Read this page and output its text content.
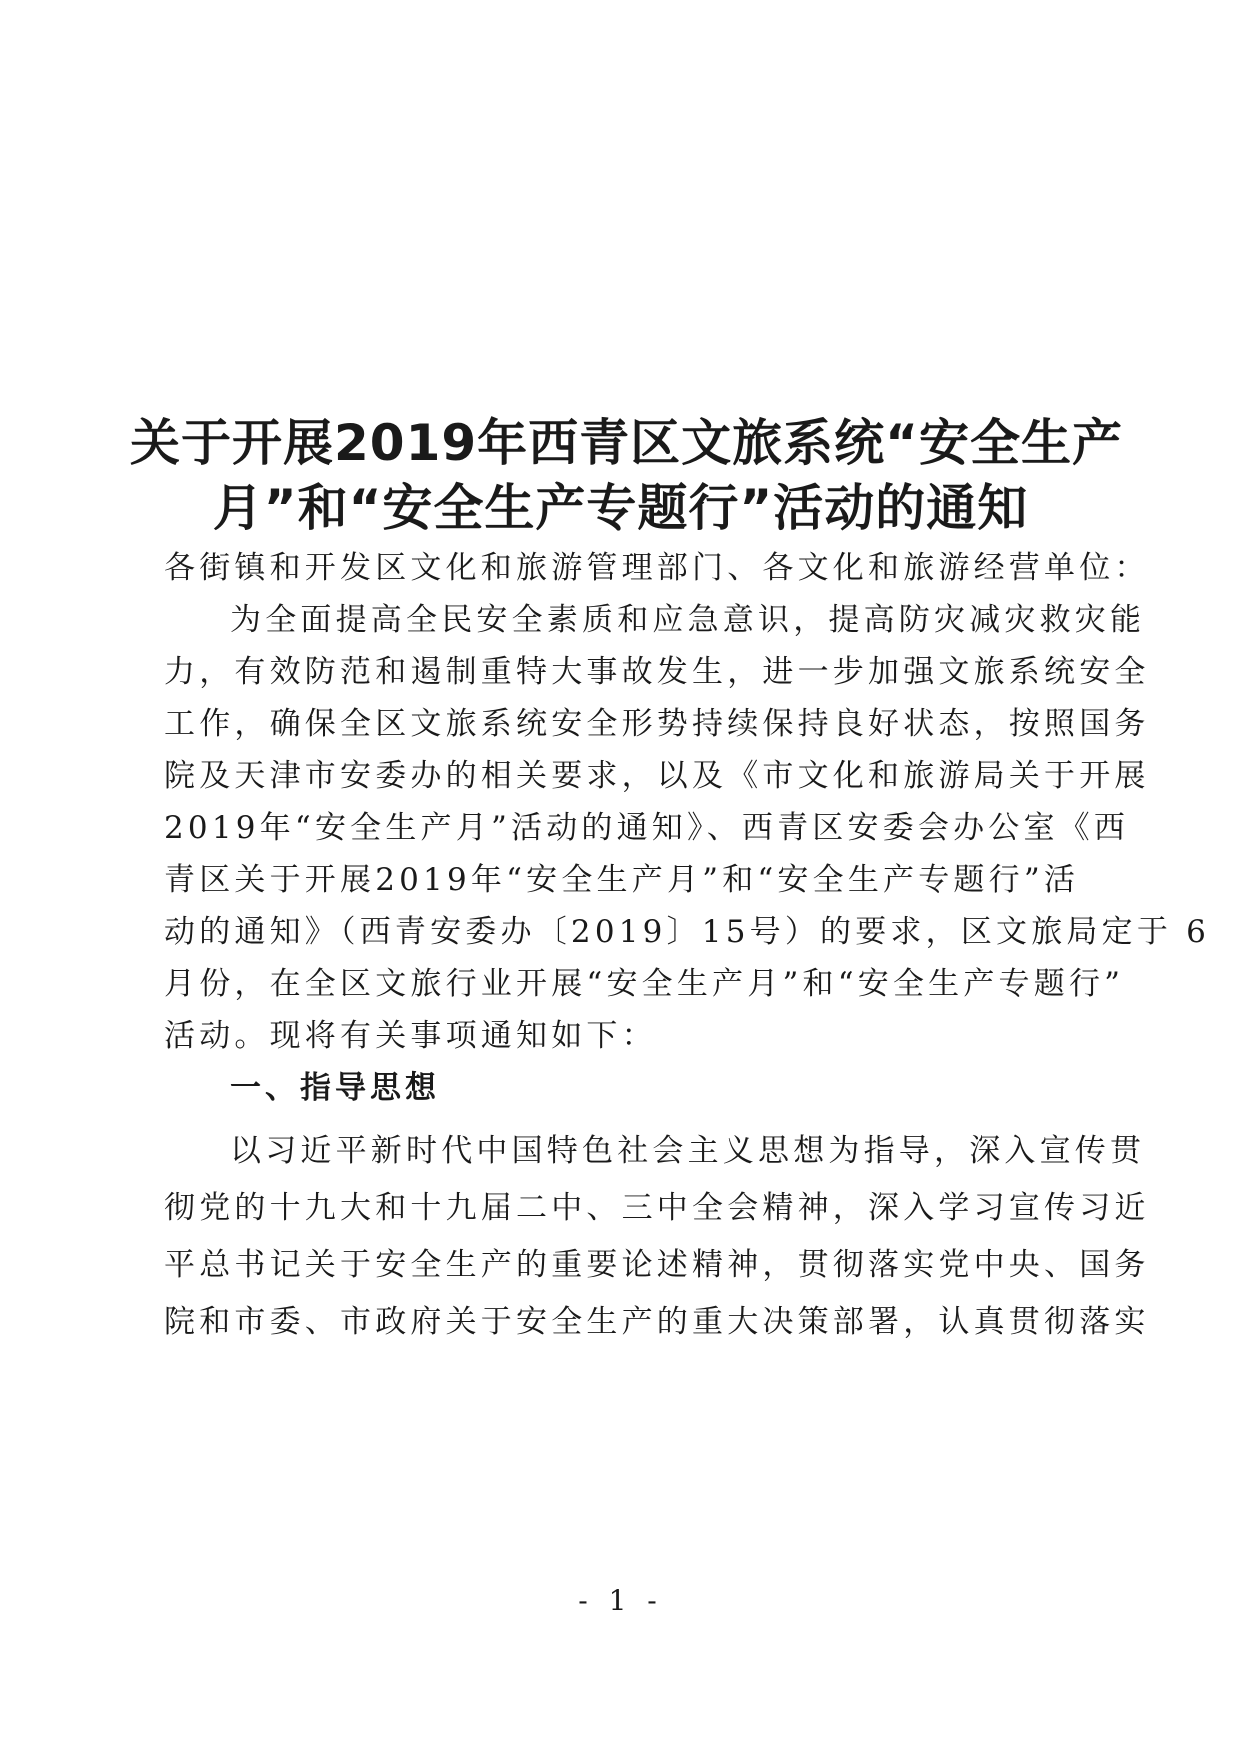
关于开展2019年西青区文旅系统“安全生产
月”和“安全生产专题行”活动的通知
各街镇和开发区文化和旅游管理部门、各文化和旅游经营单位：
为全面提高全民安全素质和应急意识，提高防灾减灾救灾能
力，有效防范和遏制重特大事故发生，进一步加强文旅系统安全
工作，确保全区文旅系统安全形势持续保持良好状态，按照国务
院及天津市安委办的相关要求，以及《市文化和旅游局关于开展
2019年“安全生产月”活动的通知》、西青区安委会办公室《西
青区关于开展2019年“安全生产月”和“安全生产专题行”活
动的通知》（西青安委办〔2019〕15号）的要求，区文旅局定于 6
月份，在全区文旅行业开展“安全生产月”和“安全生产专题行”
活动。现将有关事项通知如下：
一、指导思想
以习近平新时代中国特色社会主义思想为指导，深入宣传贯
彻党的十九大和十九届二中、三中全会精神，深入学习宣传习近
平总书记关于安全生产的重要论述精神，贯彻落实党中央、国务
院和市委、市政府关于安全生产的重大决策部署，认真贯彻落实
- 1 -
